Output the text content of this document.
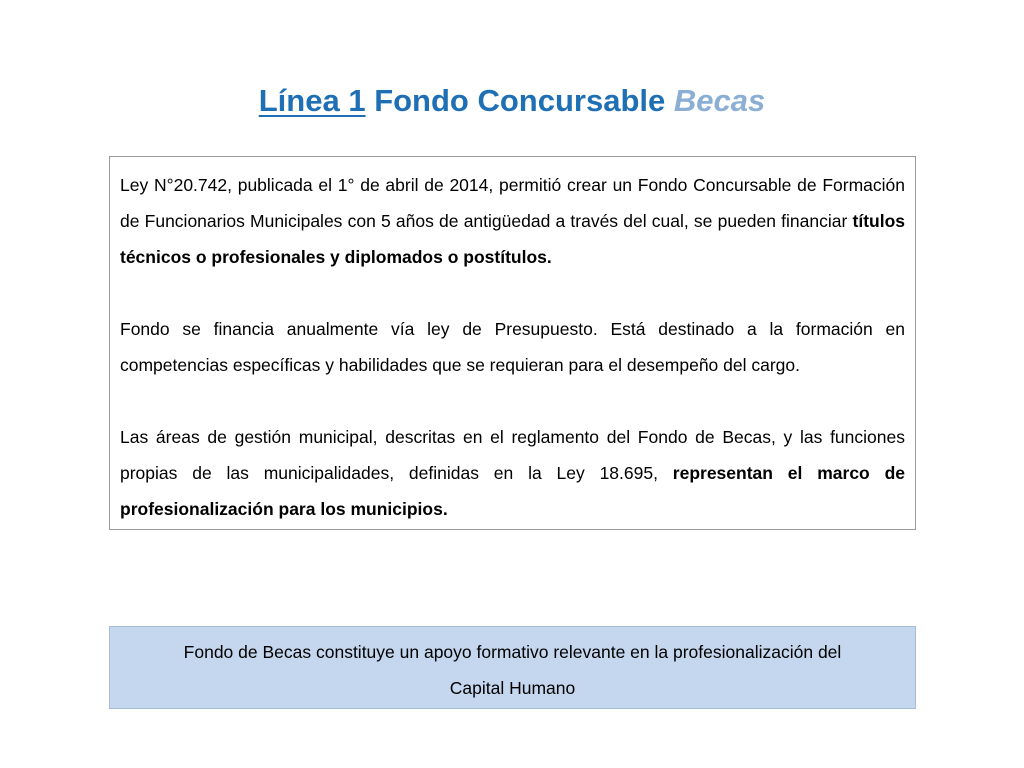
Línea 1 Fondo Concursable Becas

Ley N°20.742, publicada el 1° de abril de 2014, permitió crear un Fondo Concursable de Formación de Funcionarios Municipales con 5 años de antigüedad a través del cual, se pueden financiar títulos técnicos o profesionales y diplomados o postítulos.

Fondo se financia anualmente vía ley de Presupuesto. Está destinado a la formación en competencias específicas y habilidades que se requieran para el desempeño del cargo.

Las áreas de gestión municipal, descritas en el reglamento del Fondo de Becas, y las funciones propias de las municipalidades, definidas en la Ley 18.695, representan el marco de profesionalización para los municipios.

Fondo de Becas constituye un apoyo formativo relevante en la profesionalización del
Capital Humano
